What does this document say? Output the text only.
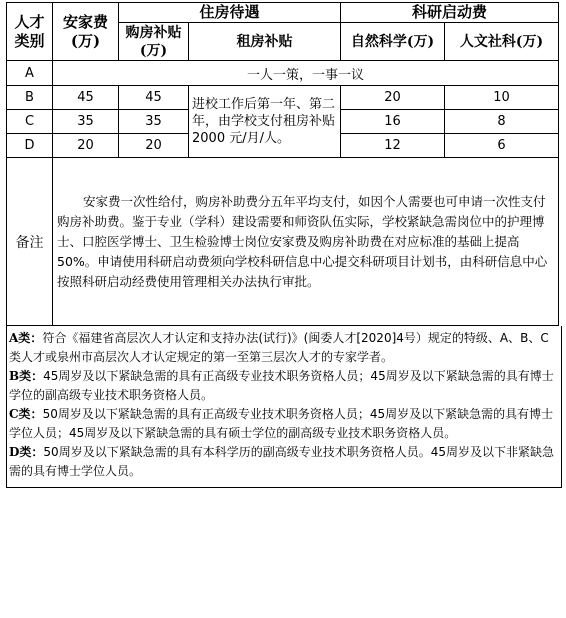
人才类别	安家费(万)	住房待遇		科研启动费	
		购房补贴(万)	租房补贴	自然科学(万)	人文社科(万)
A	一人一策，一事一议				
B	45	45	进校工作后第一年、第二年，由学校支付租房补贴 2000 元/月/人。	20	10
C	35	35		16	8
D	20	20		12	6
备注	安家费一次性给付，购房补助费分五年平均支付，如因个人需要也可申请一次性支付购房补助费。鉴于专业（学科）建设需要和师资队伍实际，学校紧缺急需岗位中的护理博士、口腔医学博士、卫生检验博士岗位安家费及购房补助费在对应标准的基础上提高50%。申请使用科研启动费须向学校科研信息中心提交科研项目计划书，由科研信息中心按照科研启动经费使用管理相关办法执行审批。				

A类：符合《福建省高层次人才认定和支持办法(试行)》(闽委人才[2020]4号）规定的特级、A、B、C类人才或泉州市高层次人才认定规定的第一至第三层次人才的专家学者。

B类：45周岁及以下紧缺急需的具有正高级专业技术职务资格人员；45周岁及以下紧缺急需的具有博士学位的副高级专业技术职务资格人员。

C类：50周岁及以下紧缺急需的具有正高级专业技术职务资格人员；45周岁及以下紧缺急需的具有博士学位人员；45周岁及以下紧缺急需的具有硕士学位的副高级专业技术职务资格人员。

D类：50周岁及以下紧缺急需的具有本科学历的副高级专业技术职务资格人员。45周岁及以下非紧缺急需的具有博士学位人员。
